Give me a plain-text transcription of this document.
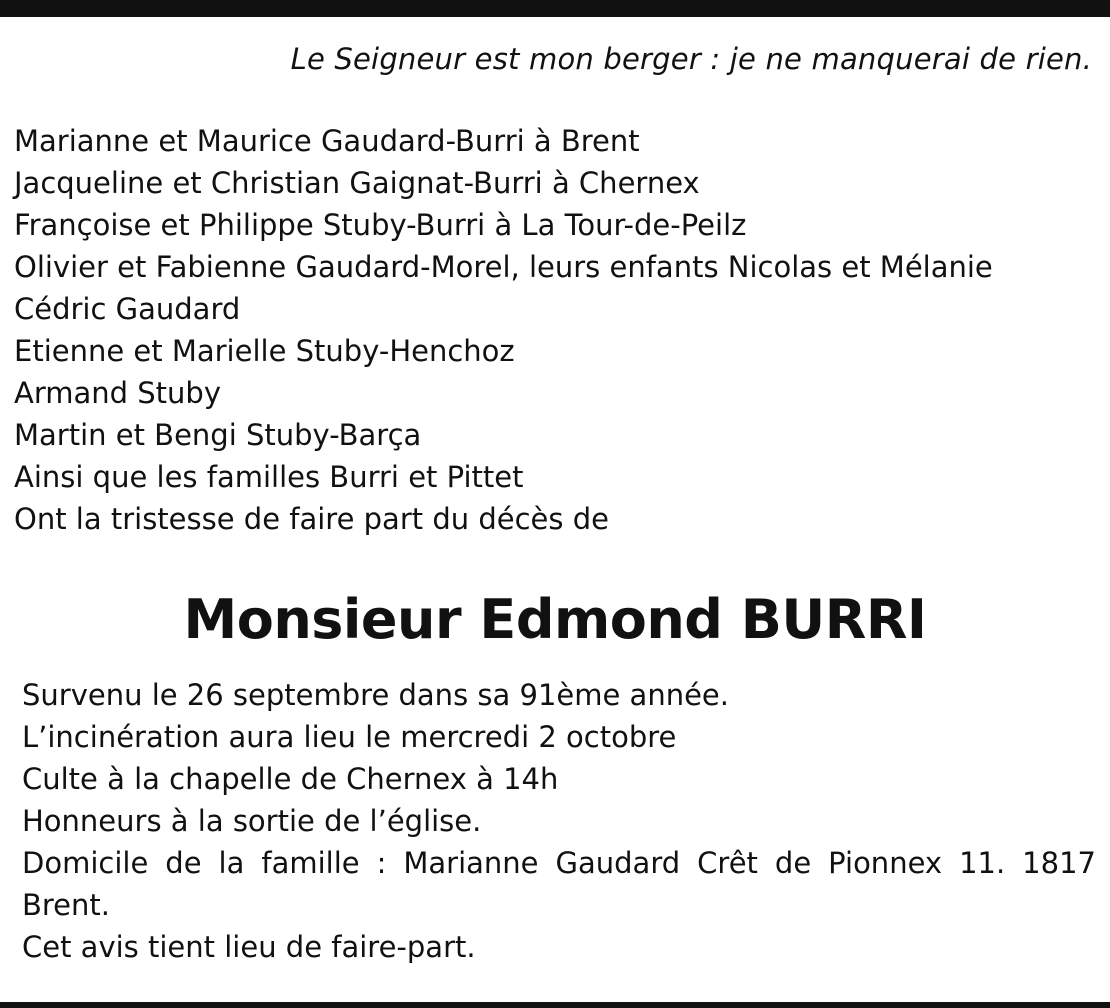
Le Seigneur est mon berger : je ne manquerai de rien.
Marianne et Maurice Gaudard-Burri à Brent
Jacqueline et Christian Gaignat-Burri à Chernex
Françoise et Philippe Stuby-Burri à La Tour-de-Peilz
Olivier et Fabienne Gaudard-Morel, leurs enfants Nicolas et Mélanie
Cédric Gaudard
Etienne et Marielle Stuby-Henchoz
Armand Stuby
Martin et Bengi Stuby-Barça
Ainsi que les familles Burri et Pittet
Ont la tristesse de faire part du décès de
Monsieur Edmond BURRI
Survenu le 26 septembre dans sa 91ème année.
L’incinération aura lieu le mercredi 2 octobre
Culte à la chapelle de Chernex à 14h
Honneurs à la sortie de l’église.
Domicile de la famille : Marianne Gaudard Crêt de Pionnex 11. 1817 Brent.
Cet avis tient lieu de faire-part.
